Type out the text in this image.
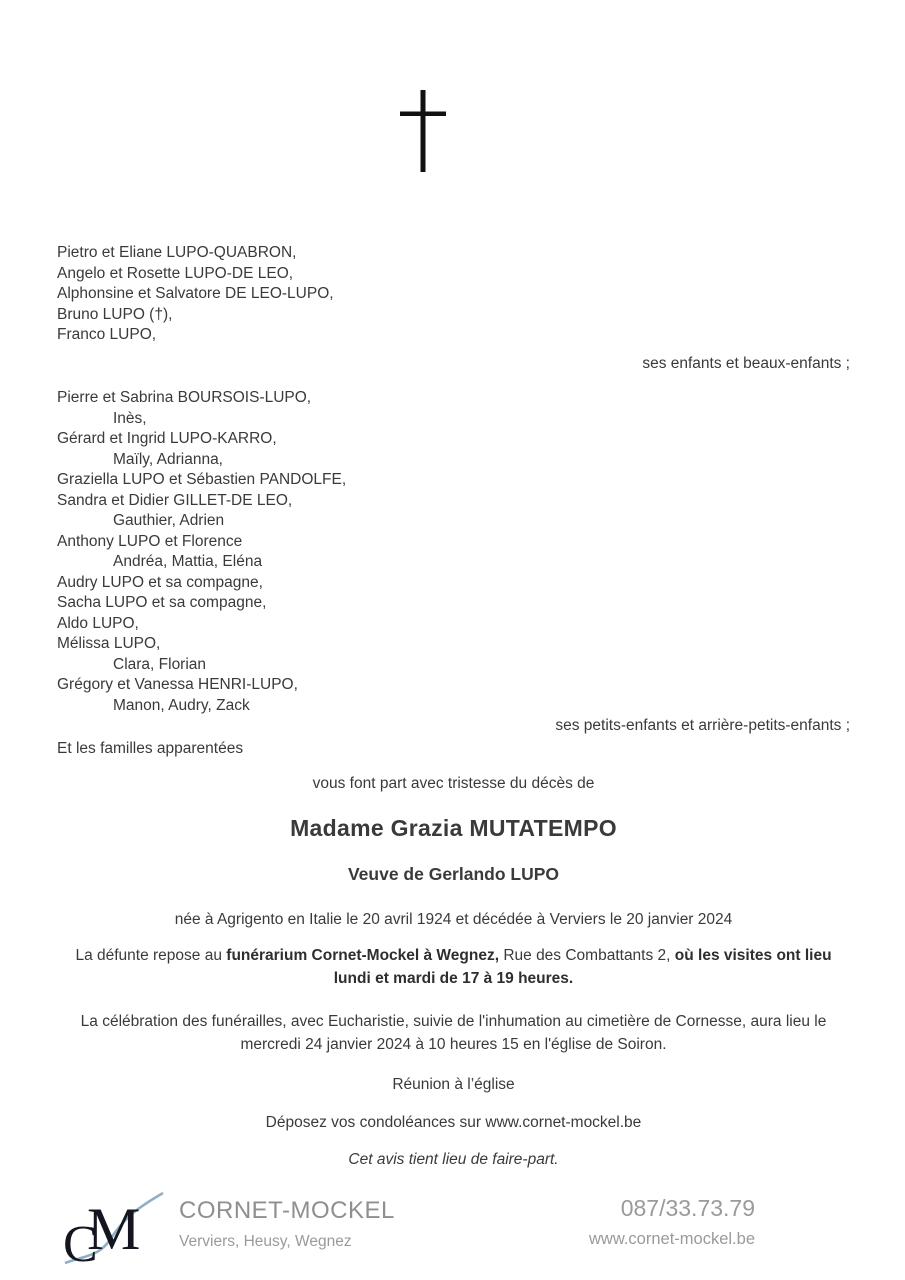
Pietro et Eliane LUPO-QUABRON,
Angelo et Rosette LUPO-DE LEO,
Alphonsine et Salvatore DE LEO-LUPO,
Bruno LUPO (†),
Franco LUPO,
ses enfants et beaux-enfants ;
Pierre et Sabrina BOURSOIS-LUPO,
Inès,
Gérard et Ingrid LUPO-KARRO,
Maïly, Adrianna,
Graziella LUPO et Sébastien PANDOLFE,
Sandra et Didier GILLET-DE LEO,
Gauthier, Adrien
Anthony LUPO et Florence
Andréa, Mattia, Eléna
Audry LUPO et sa compagne,
Sacha LUPO et sa compagne,
Aldo LUPO,
Mélissa LUPO,
Clara, Florian
Grégory et Vanessa HENRI-LUPO,
Manon, Audry, Zack
ses petits-enfants et arrière-petits-enfants ;
Et les familles apparentées
vous font part avec tristesse du décès de
Madame Grazia MUTATEMPO
Veuve de Gerlando LUPO
née à Agrigento en Italie le 20 avril 1924 et décédée à Verviers le 20 janvier 2024
La défunte repose au funérarium Cornet-Mockel à Wegnez, Rue des Combattants 2, où les visites ont lieu lundi et mardi de 17 à 19 heures.
La célébration des funérailles, avec Eucharistie, suivie de l'inhumation au cimetière de Cornesse, aura lieu le mercredi 24 janvier 2024 à 10 heures 15 en l'église de Soiron.
Réunion à l’église
Déposez vos condoléances sur www.cornet-mockel.be
Cet avis tient lieu de faire-part.
C
M CORNET-MOCKEL
Verviers, Heusy, Wegnez
087/33.73.79
www.cornet-mockel.be
